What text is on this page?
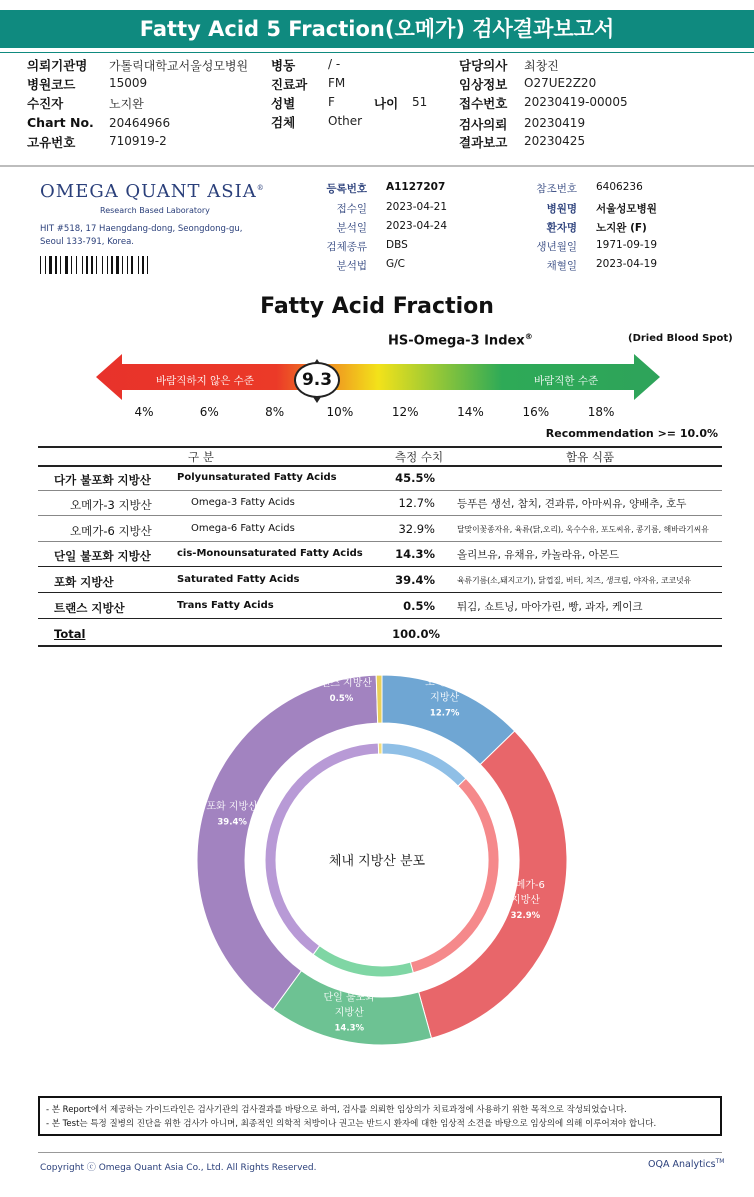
Fatty Acid 5 Fraction(오메가) 검사결과보고서
의뢰기관명 가톨릭대학교서울성모병원
병원코드	15009
수진자	노지완
Chart No. 20464966
고유번호	710919-2
병동	/ -
진료과 FM
성별	F	나이 51
검체	Other
담당의사 최창진
임상정보 O27UE2Z20
접수번호 20230419-00005
검사의뢰 20230419
결과보고 20230425
OMEGA QUANT ASIA®
Research Based Laboratory
HIT #518, 17 Haengdang-dong, Seongdong-gu,
Seoul 133-791, Korea.
등록번호 A1127207
접수일 2023-04-21
분석일 2023-04-24
검체종류 DBS
분석법 G/C
참조번호 6406236
병원명 서울성모병원
환자명 노지완 (F)
생년월일 1971-09-19
채혈일 2023-04-19
Fatty Acid Fraction
HS-Omega-3 Index®	(Dried Blood Spot)
바람직하지 않은 수준	바람직한 수준
9.3
4%	6%	8%	10%	12%	14%	16%	18%
Recommendation >= 10.0%
구 분	측정 수치	함유 식품
다가 불포화 지방산	Polyunsaturated Fatty Acids	45.5%
오메가-3 지방산	Omega-3 Fatty Acids	12.7% 등푸른 생선, 참치, 견과류, 아마씨유, 양배추, 호두
오메가-6 지방산	Omega-6 Fatty Acids	32.9%	달맞이꽃종자유, 육류(닭,오리), 옥수수유, 포도씨유, 콩기름, 해바라기씨유
단일 불포화 지방산	cis-Monounsaturated Fatty Acids	14.3% 올리브유, 유채유, 카놀라유, 아몬드
포화 지방산	Saturated Fatty Acids	39.4%	육류기름(소,돼지고기), 닭껍질, 버터, 치즈, 생크림, 야자유, 코코넛유
트랜스 지방산	Trans Fatty Acids	0.5% 튀김, 쇼트닝, 마아가린, 빵, 과자, 케이크
Total	100.0%
오메가-3
지방산
12.7%
오메가-6
지방산
32.9%
단일 불포화
지방산
14.3%
포화 지방산
39.4%
트랜스 지방산
0.5%
체내 지방산 분포
- 본 Report에서 제공하는 가이드라인은 검사기관의 검사결과를 바탕으로 하여, 검사를 의뢰한 임상의가 치료과정에 사용하기 위한 목적으로 작성되었습니다.
- 본 Test는 특정 질병의 진단을 위한 검사가 아니며, 최종적인 의학적 처방이나 권고는 반드시 환자에 대한 임상적 소견을 바탕으로 임상의에 의해 이루어져야 합니다.
Copyright ⓒ Omega Quant Asia Co., Ltd. All Rights Reserved.	OQA Analytics™
